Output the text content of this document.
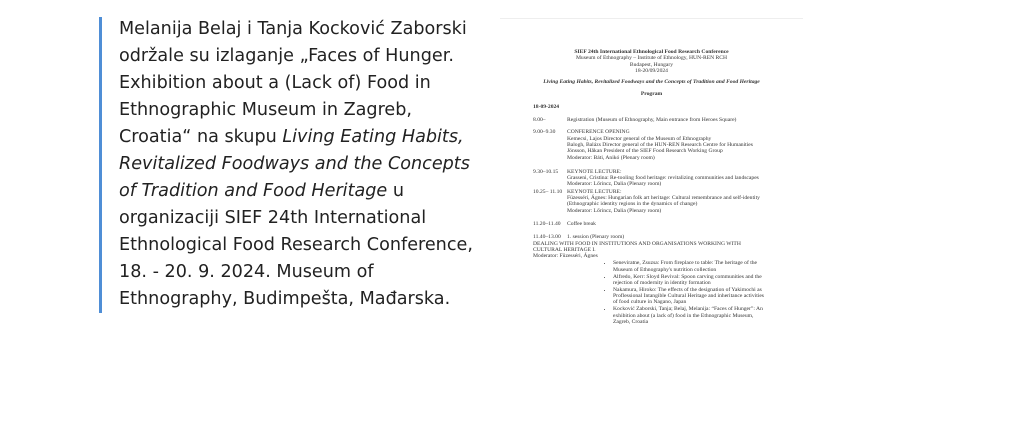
Melanija Belaj i Tanja Kocković Zaborski održale su izlaganje „Faces of Hunger. Exhibition about a (Lack of) Food in Ethnographic Museum in Zagreb, Croatia“ na skupu Living Eating Habits, Revitalized Foodways and the Concepts of Tradition and Food Heritage u organizaciji SIEF 24th International Ethnological Food Research Conference, 18. - 20. 9. 2024. Museum of Ethnography, Budimpešta, Mađarska.

SIEF 24th International Ethnological Food Research Conference

Museum of Ethnography – Institute of Ethnology, HUN-REN RCH

Budapest, Hungary

18-20/09/2024

Living Eating Habits, Revitalized Foodways and the Concepts of Tradition and Food Heritage

Program

18-09-2024

8.00–	Registration (Museum of Ethnography, Main entrance from Heroes Square)

9.00–9.30	CONFERENCE OPENING

Kemecsi, Lajos Director general of the Museum of Ethnography

Balogh, Balázs Director general of the HUN-REN Research Centre for Humanities

Jönsson, Håkan President of the SIEF Food Research Working Group

Moderator: Báti, Anikó (Plenary room)

9.30–10.15	KEYNOTE LECTURE:

Grasseni, Cristina: Re-tooling food heritage: revitalizing communities and landscapes

Moderator: Lőrincz, Dalia (Plenary room)

10.25– 11.10 KEYNOTE LECTURE:

Füzesséri, Ágnes: Hungarian folk art heritage: Cultural remembrance and self-identity (Ethnographic identity regions in the dynamics of change)

Moderator: Lőrincz, Dalia (Plenary room)

11.20–11.40	Coffee break

11.40–13.00	1. session (Plenary room)

DEALING WITH FOOD IN INSTITUTIONS AND ORGANISATIONS WORKING WITH CULTURAL HERITAGE I.

Moderator: Füzesséri, Ágnes

• Seneviratne, Zsuzsa: From fireplace to table: The heritage of the Museum of Ethnography's nutrition collection
• Alfredo, Kerr: Sloyd Revival: Spoon carving communities and the rejection of modernity in identity formation
• Nakamura, Hiroko: The effects of the designation of Yakimochi as Proflessional Intangible Cultural Heritage and inheritance activities of food culture in Nagano, Japan
• Kocković Zaborski, Tanja; Belaj, Melanija: “Faces of Hunger”: An exhibition about (a lack of) food in the Ethnographic Museum, Zagreb, Croatia
